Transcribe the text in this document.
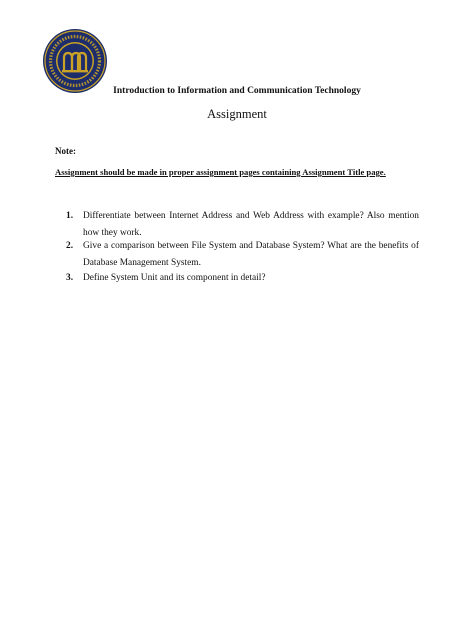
Introduction to Information and Communication Technology
Assignment
Note:
Assignment should be made in proper assignment pages containing Assignment Title page.
1. Differentiate between Internet Address and Web Address with example? Also mention how they work.
2. Give a comparison between File System and Database System? What are the benefits of Database Management System.
3. Define System Unit and its component in detail?
